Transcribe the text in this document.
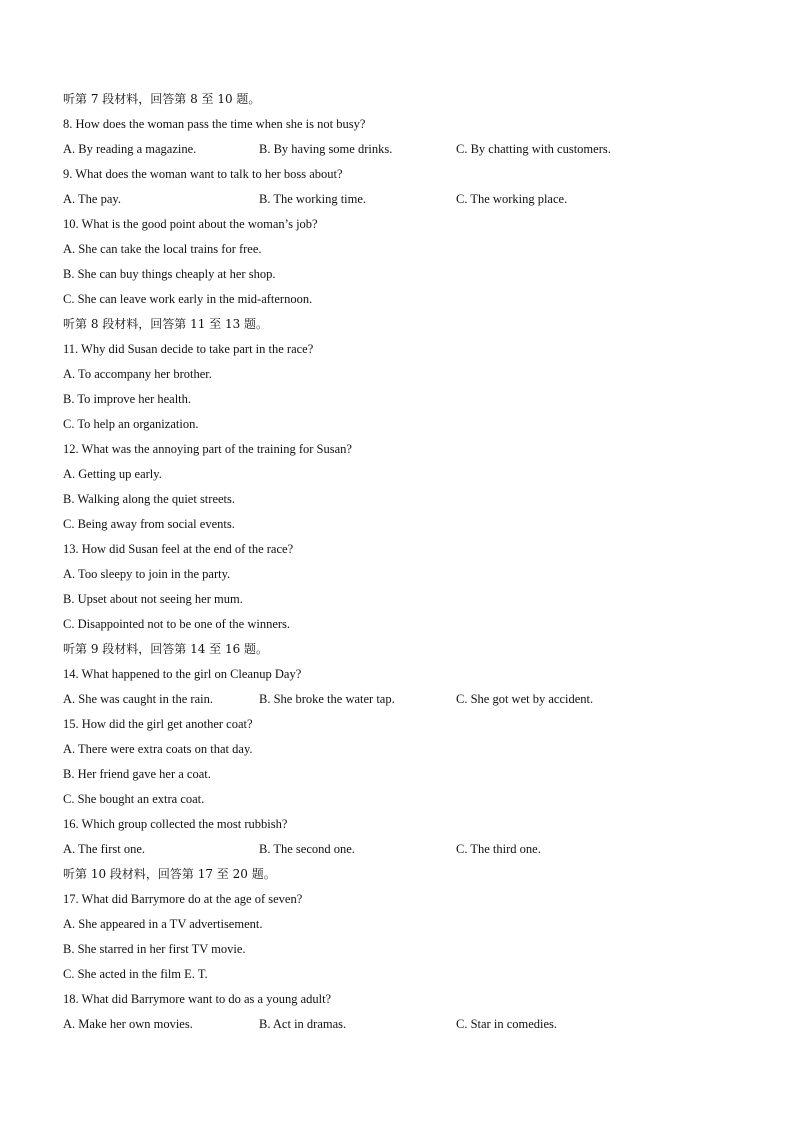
听第 7 段材料，回答第 8 至 10 题。
8. How does the woman pass the time when she is not busy?
A. By reading a magazine.	B. By having some drinks.	C. By chatting with customers.
9. What does the woman want to talk to her boss about?
A. The pay.	B. The working time.	C. The working place.
10. What is the good point about the woman’s job?
A. She can take the local trains for free.
B. She can buy things cheaply at her shop.
C. She can leave work early in the mid-afternoon.
听第 8 段材料，回答第 11 至 13 题。
11. Why did Susan decide to take part in the race?
A. To accompany her brother.
B. To improve her health.
C. To help an organization.
12. What was the annoying part of the training for Susan?
A. Getting up early.
B. Walking along the quiet streets.
C. Being away from social events.
13. How did Susan feel at the end of the race?
A. Too sleepy to join in the party.
B. Upset about not seeing her mum.
C. Disappointed not to be one of the winners.
听第 9 段材料，回答第 14 至 16 题。
14. What happened to the girl on Cleanup Day?
A. She was caught in the rain.	B. She broke the water tap.	C. She got wet by accident.
15. How did the girl get another coat?
A. There were extra coats on that day.
B. Her friend gave her a coat.
C. She bought an extra coat.
16. Which group collected the most rubbish?
A. The first one.	B. The second one.	C. The third one.
听第 10 段材料，回答第 17 至 20 题。
17. What did Barrymore do at the age of seven?
A. She appeared in a TV advertisement.
B. She starred in her first TV movie.
C. She acted in the film E. T.
18. What did Barrymore want to do as a young adult?
A. Make her own movies.	B. Act in dramas.	C. Star in comedies.
